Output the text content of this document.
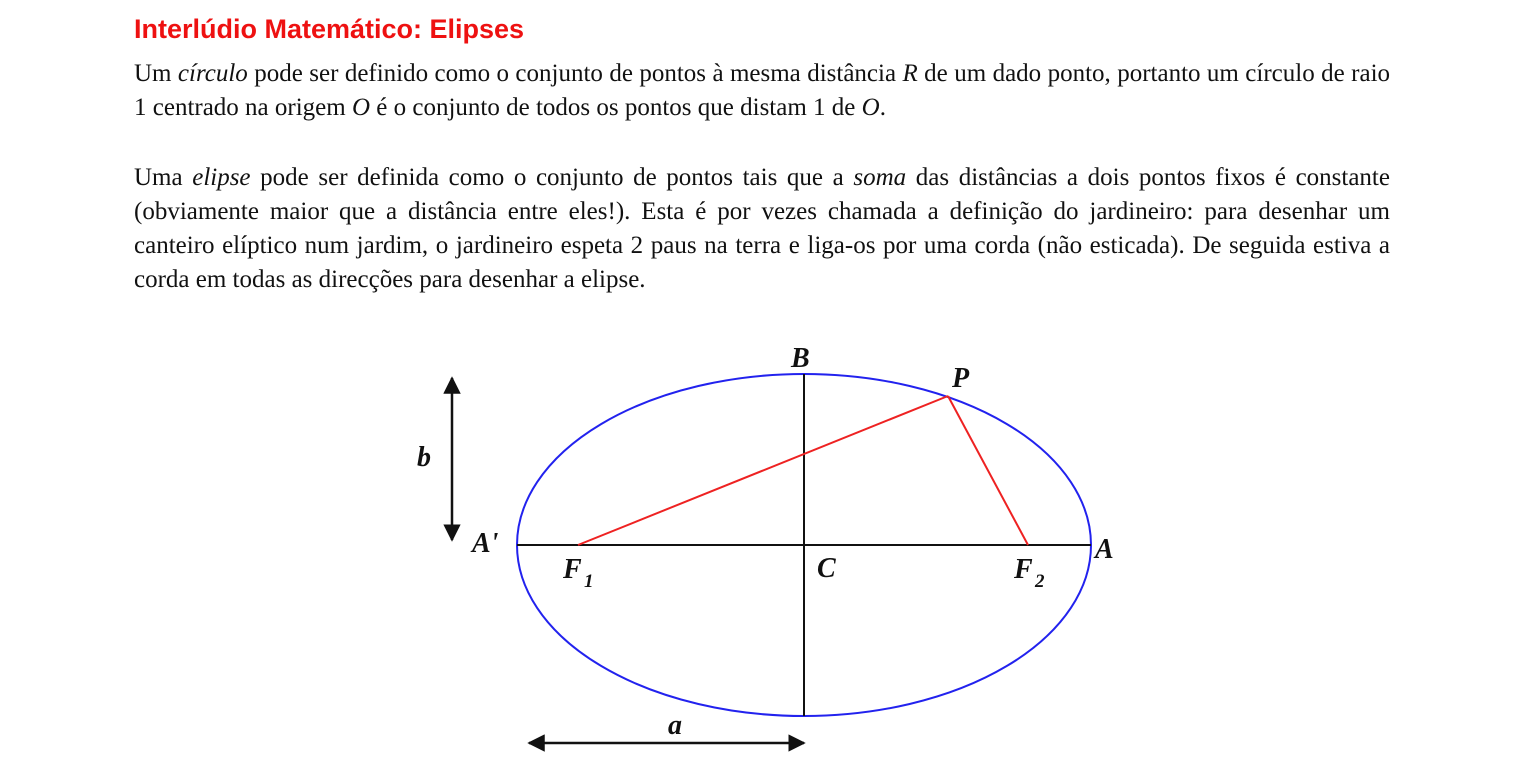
Interlúdio Matemático: Elipses

Um círculo pode ser definido como o conjunto de pontos à mesma distância R de um dado ponto, portanto um círculo de raio 1 centrado na origem O é o conjunto de todos os pontos que distam 1 de O.

Uma elipse pode ser definida como o conjunto de pontos tais que a soma das distâncias a dois pontos fixos é constante (obviamente maior que a distância entre eles!). Esta é por vezes chamada a definição do jardineiro: para desenhar um canteiro elíptico num jardim, o jardineiro espeta 2 paus na terra e liga-os por uma corda (não esticada). De seguida estiva a corda em todas as direcções para desenhar a elipse.

B
P
b
A'	A
C
a
F 1	F 2
